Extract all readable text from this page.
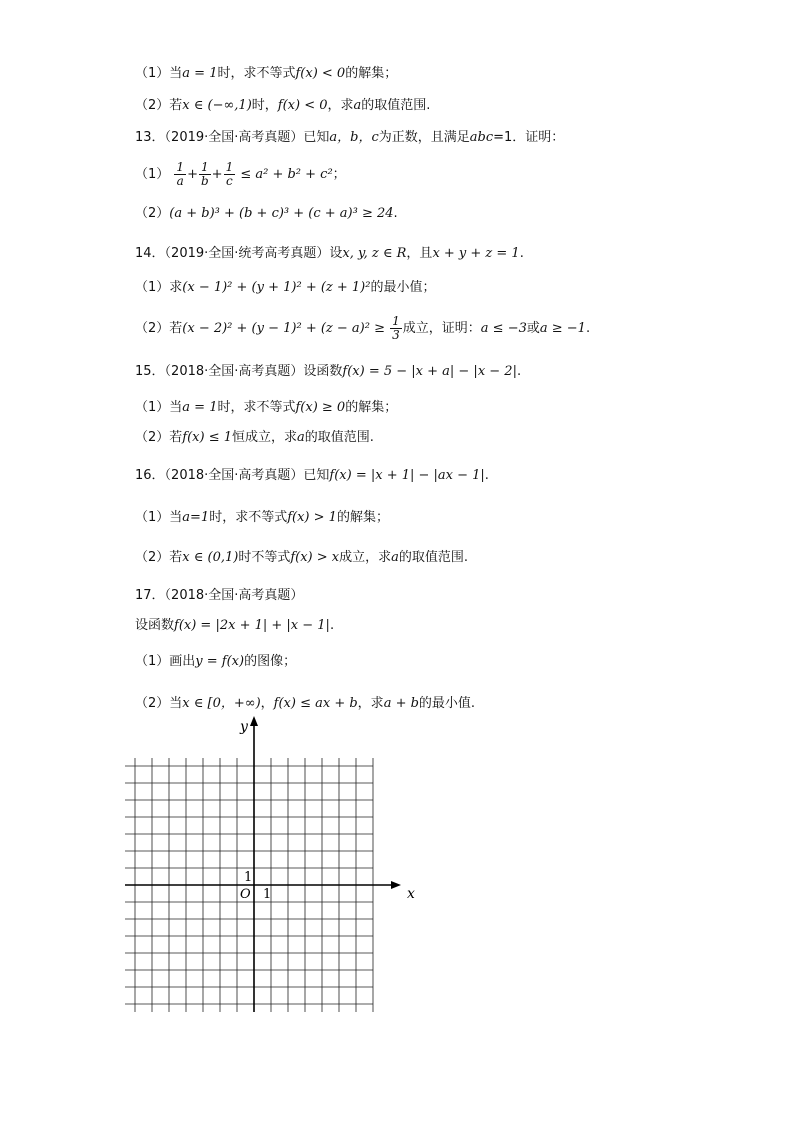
（1）当a = 1时，求不等式f(x) < 0的解集；
（2）若x ∈ (−∞,1)时，f(x) < 0，求a的取值范围.
13．（2019·全国·高考真题）已知a，b，c为正数，且满足abc=1．证明：
$(1) \frac{1}{a} + \frac{1}{b} + \frac{1}{c} \le a^2 + b^2 + c^2$；
（2）(a + b)³ + (b + c)³ + (c + a)³ ≥ 24.
14．（2019·全国·统考高考真题）设x, y, z ∈ R，且x + y + z = 1.
（1）求(x − 1)² + (y + 1)² + (z + 1)²的最小值；
（2）若$(x - 2)^2 + (y - 1)^2 + (z - a)^2 \ge \frac{1}{3}$ 成立，证明：a ≤ −3或a ≥ −1.
15．（2018·全国·高考真题）设函数f(x) = 5 − |x + a| − |x − 2|.
（1）当a = 1时，求不等式f(x) ≥ 0的解集；
（2）若f(x) ≤ 1恒成立，求a的取值范围.
16．（2018·全国·高考真题）已知f(x) = |x + 1| − |ax − 1|.
（1）当a=1时，求不等式f(x) > 1的解集；
（2）若x ∈ (0,1)时不等式f(x) > x成立，求a的取值范围.
17．（2018·全国·高考真题）
设函数f(x) = |2x + 1| + |x − 1|.
（1）画出y = f(x)的图像；
（2）当x ∈ [0，+∞)，f(x) ≤ ax + b，求a + b的最小值.
y
x
O 1
1
